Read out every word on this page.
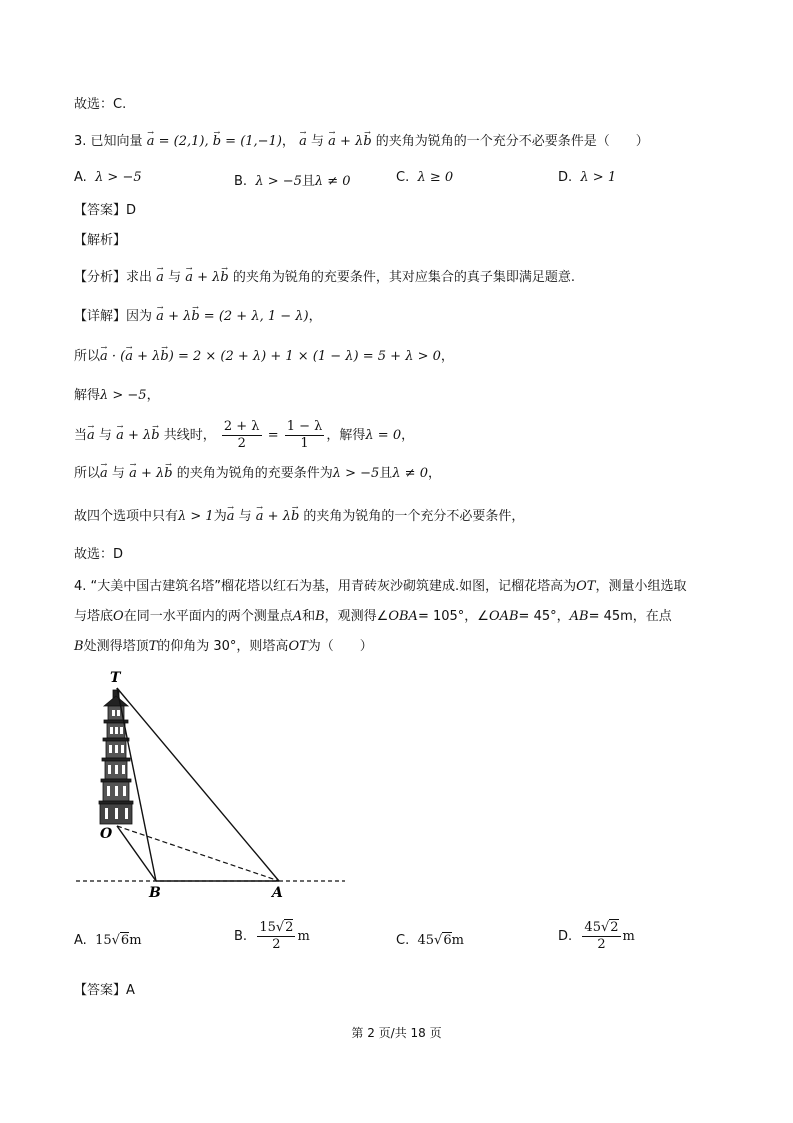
故选：C.
3. 已知向量 → a = (2,1), → b = (1,−1)， → a 与 → a + λ→ b 的夹角为锐角的一个充分不必要条件是（　　）
A. λ > −5	B. λ > −5且λ ≠ 0	C. λ ≥ 0	D. λ > 1
【答案】D
【解析】
【分析】求出 → a 与 → a + λ→ b 的夹角为锐角的充要条件，其对应集合的真子集即满足题意.
【详解】因为 → a + λ→ b = (2 + λ, 1 − λ)，
所以→ a · (→ a + λ→ b) = 2 × (2 + λ) + 1 × (1 − λ) = 5 + λ > 0，
解得λ > −5，
当→ a 与 → a + λ→ b 共线时， $\frac{2 + \lambda}{2} = \frac{1 - \lambda}{1}$ ，解得λ = 0，
所以→ a 与 → a + λ→ b 的夹角为锐角的充要条件为λ > −5且λ ≠ 0，
故四个选项中只有λ > 1为→ a 与 → a + λ→ b 的夹角为锐角的一个充分不必要条件，
故选：D
4. “大美中国古建筑名塔”榴花塔以红石为基，用青砖灰沙砌筑建成.如图，记榴花塔高为OT，测量小组选取
与塔底O在同一水平面内的两个测量点A和B，观测得∠OBA= 105°，∠OAB= 45°，AB= 45m，在点
B处测得塔顶T的仰角为 30°，则塔高OT为（　　）
T
O
B	A
A. 15√6m	B. $\frac{15√2}{2}$ m	C. 45√6m	D. $\frac{45√2}{2}$ m
【答案】A
第 2 页/共 18 页
